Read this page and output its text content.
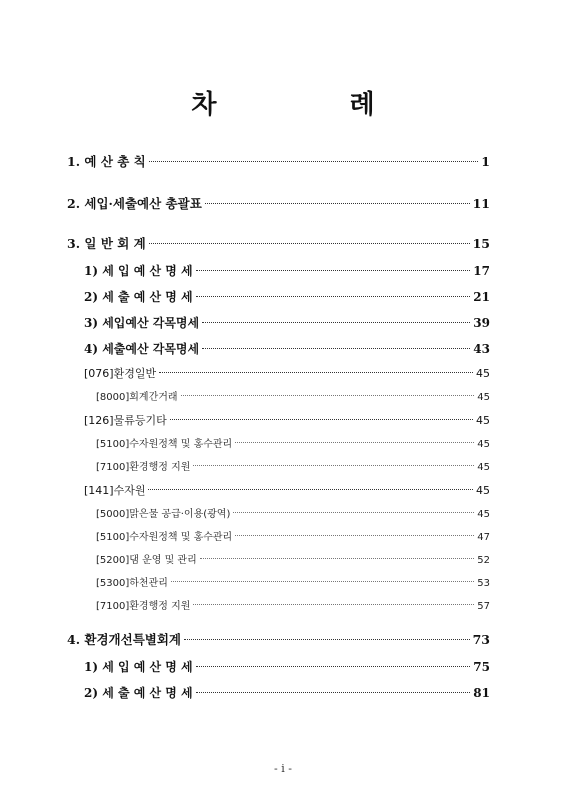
차 례
1. 예 산 총 칙	1
2. 세입·세출예산 총괄표	11
3. 일 반 회 계	15
1) 세 입 예 산 명 세	17
2) 세 출 예 산 명 세	21
3) 세입예산 각목명세	39
4) 세출예산 각목명세	43
[076]환경일반	45
[8000]회계간거래	45
[126]물류등기타	45
[5100]수자원정책 및 홍수관리	45
[7100]환경행정 지원	45
[141]수자원	45
[5000]맑은물 공급·이용(광역)	45
[5100]수자원정책 및 홍수관리	47
[5200]댐 운영 및 관리	52
[5300]하천관리	53
[7100]환경행정 지원	57
4. 환경개선특별회계	73
1) 세 입 예 산 명 세	75
2) 세 출 예 산 명 세	81
- i -
